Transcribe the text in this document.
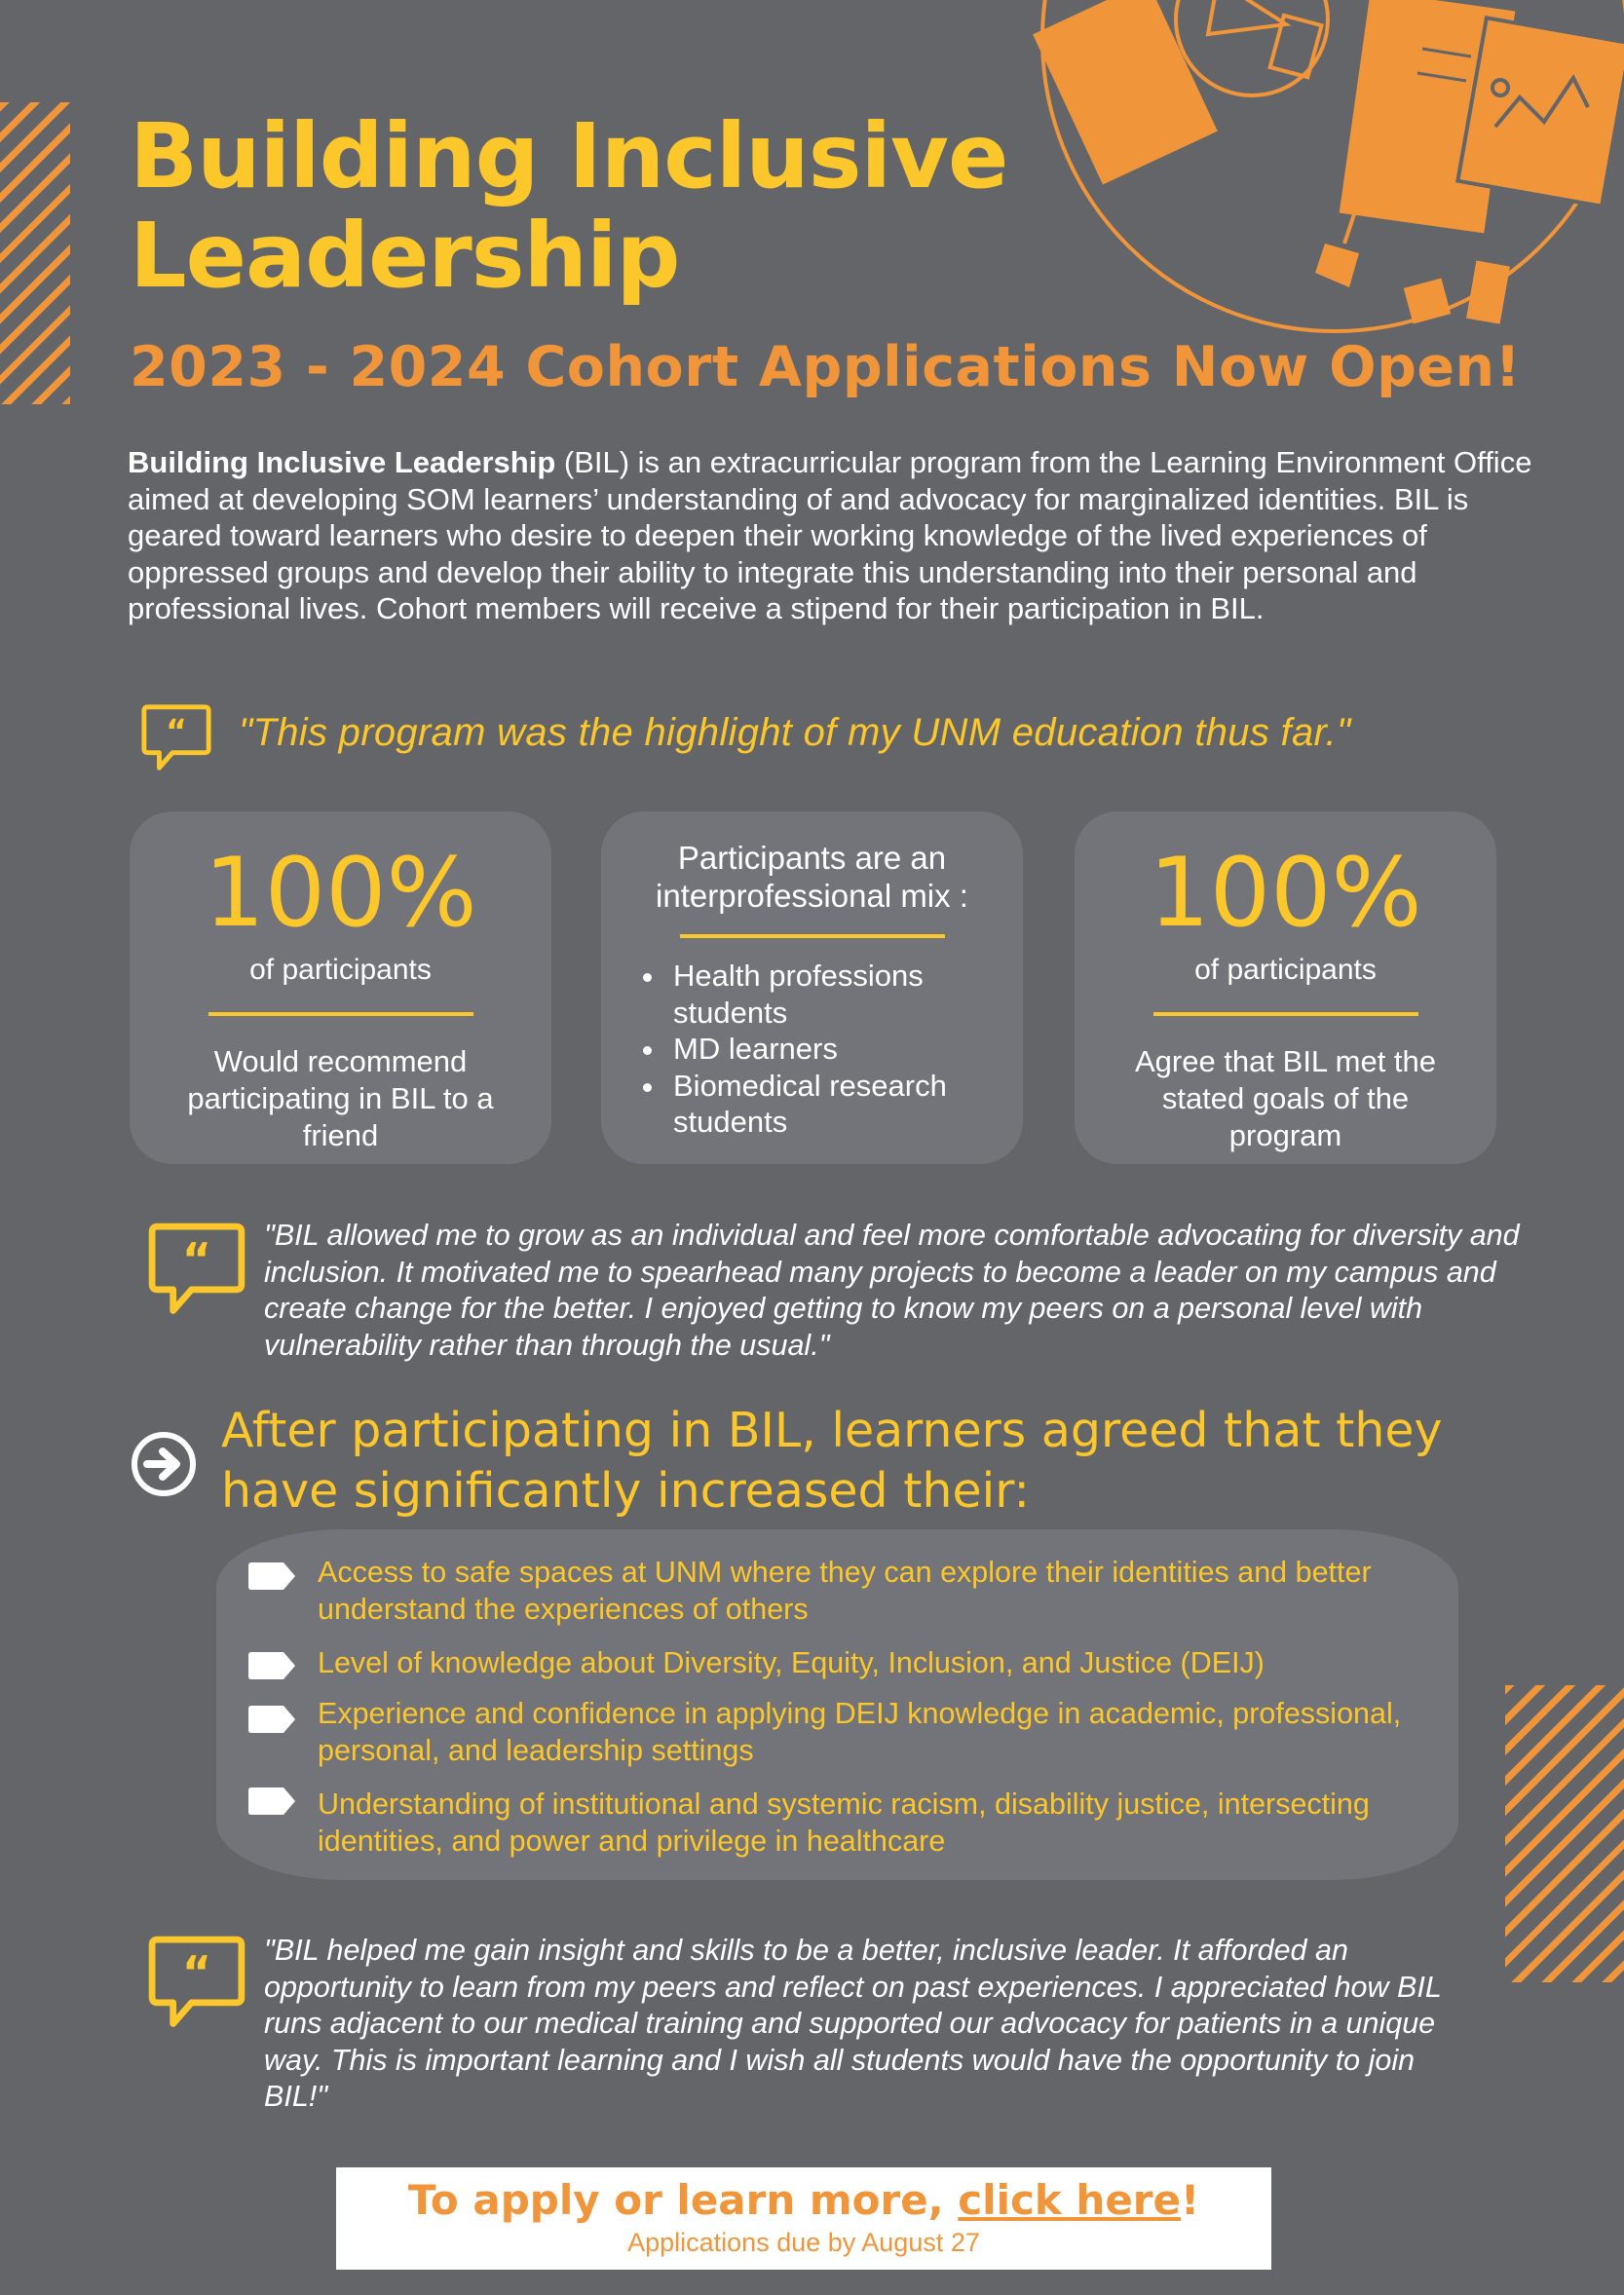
Building Inclusive
Leadership
2023 - 2024 Cohort Applications Now Open!

Building Inclusive Leadership (BIL) is an extracurricular program from the Learning Environment Office aimed at developing SOM learners’ understanding of and advocacy for marginalized identities. BIL is geared toward learners who desire to deepen their working knowledge of the lived experiences of oppressed groups and develop their ability to integrate this understanding into their personal and professional lives. Cohort members will receive a stipend for their participation in BIL.

“ "This program was the highlight of my UNM education thus far."
100%
of participants
Would recommend participating in BIL to a friend
Participants are an interprofessional mix :
• Health professions students
• MD learners
• Biomedical research students
100%
of participants
Agree that BIL met the stated goals of the program
“ "BIL allowed me to grow as an individual and feel more comfortable advocating for diversity and inclusion. It motivated me to spearhead many projects to become a leader on my campus and create change for the better. I enjoyed getting to know my peers on a personal level with vulnerability rather than through the usual."
After participating in BIL, learners agreed that they have significantly increased their:
Access to safe spaces at UNM where they can explore their identities and better understand the experiences of others
Level of knowledge about Diversity, Equity, Inclusion, and Justice (DEIJ)
Experience and confidence in applying DEIJ knowledge in academic, professional, personal, and leadership settings
Understanding of institutional and systemic racism, disability justice, intersecting identities, and power and privilege in healthcare
“ "BIL helped me gain insight and skills to be a better, inclusive leader. It afforded an opportunity to learn from my peers and reflect on past experiences. I appreciated how BIL runs adjacent to our medical training and supported our advocacy for patients in a unique way. This is important learning and I wish all students would have the opportunity to join BIL!"
To apply or learn more, click here!
Applications due by August 27
